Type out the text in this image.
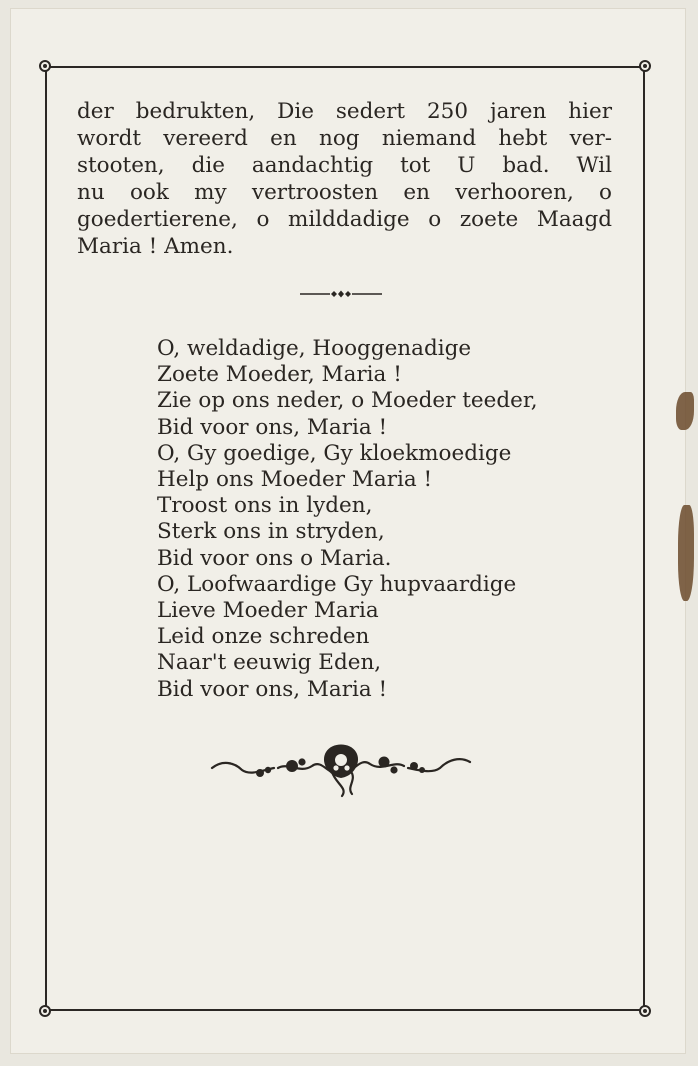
der bedrukten, Die sedert 250 jaren hier
wordt vereerd en nog niemand hebt ver-
stooten, die aandachtig tot U bad. Wil
nu ook my vertroosten en verhooren, o
goedertierene, o milddadige o zoete Maagd
Maria ! Amen.
O, weldadige, Hooggenadige
Zoete Moeder, Maria !
Zie op ons neder, o Moeder teeder,
Bid voor ons, Maria !
O, Gy goedige, Gy kloekmoedige
Help ons Moeder Maria !
Troost ons in lyden,
Sterk ons in stryden,
Bid voor ons o Maria.
O, Loofwaardige Gy hupvaardige
Lieve Moeder Maria
Leid onze schreden
Naar't eeuwig Eden,
Bid voor ons, Maria !
